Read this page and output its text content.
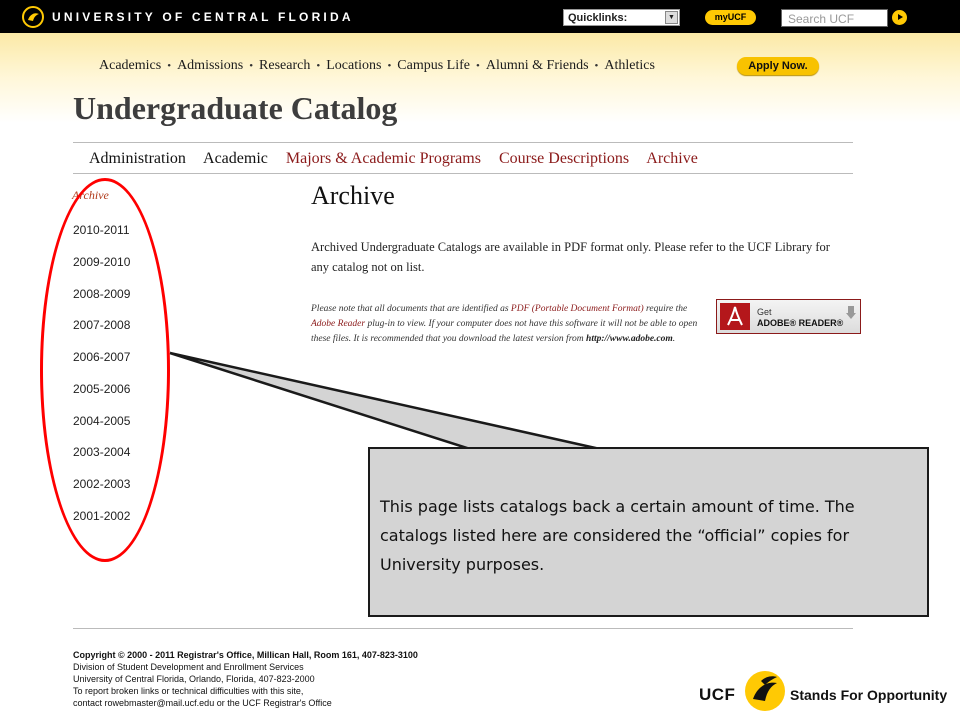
UNIVERSITY OF CENTRAL FLORIDA	Quicklinks:	▼	myUCF	Search UCF
Academics • Admissions • Research • Locations • Campus Life • Alumni & Friends • Athletics	Apply Now.
Undergraduate Catalog
Administration Academic Majors & Academic Programs Course Descriptions Archive
Archive
2010-2011
2009-2010
2008-2009
2007-2008
2006-2007
2005-2006
2004-2005
2003-2004
2002-2003
2001-2002
Archive
Archived Undergraduate Catalogs are available in PDF format only. Please refer to the UCF Library for any catalog not on list.
Please note that all documents that are identified as PDF (Portable Document Format) require the Adobe Reader plug-in to view. If your computer does not have this software it will not be able to open these files. It is recommended that you download the latest version from http://www.adobe.com.
Get
ADOBE® READER®
This page lists catalogs back a certain amount of time. The catalogs listed here are considered the “official” copies for University purposes.
Copyright © 2000 - 2011 Registrar's Office, Millican Hall, Room 161, 407-823-3100
Division of Student Development and Enrollment Services
University of Central Florida, Orlando, Florida, 407-823-2000
To report broken links or technical difficulties with this site,
contact rowebmaster@mail.ucf.edu or the UCF Registrar's Office	UCF	Stands For Opportunity
